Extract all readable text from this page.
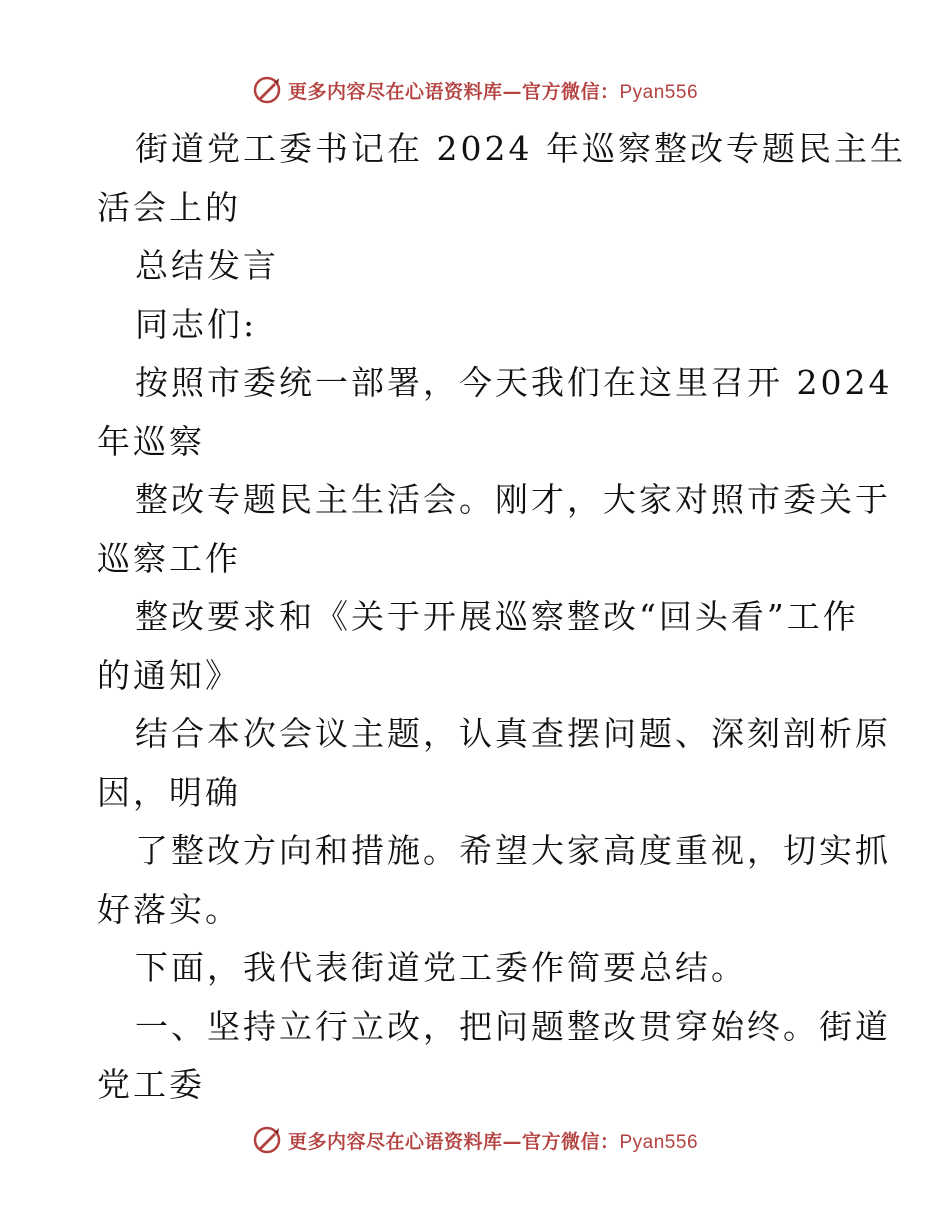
更多内容尽在心语资料库—官方微信：Pyan556

街道党工委书记在 2024 年巡察整改专题民主生
活会上的

总结发言

同志们:

按照市委统一部署，今天我们在这里召开 2024
年巡察

整改专题民主生活会。刚才，大家对照市委关于
巡察工作

整改要求和《关于开展巡察整改“回头看”工作
的通知》

结合本次会议主题，认真查摆问题、深刻剖析原
因，明确

了整改方向和措施。希望大家高度重视，切实抓
好落实。

下面，我代表街道党工委作简要总结。

一、坚持立行立改，把问题整改贯穿始终。街道
党工委

更多内容尽在心语资料库—官方微信：Pyan556
